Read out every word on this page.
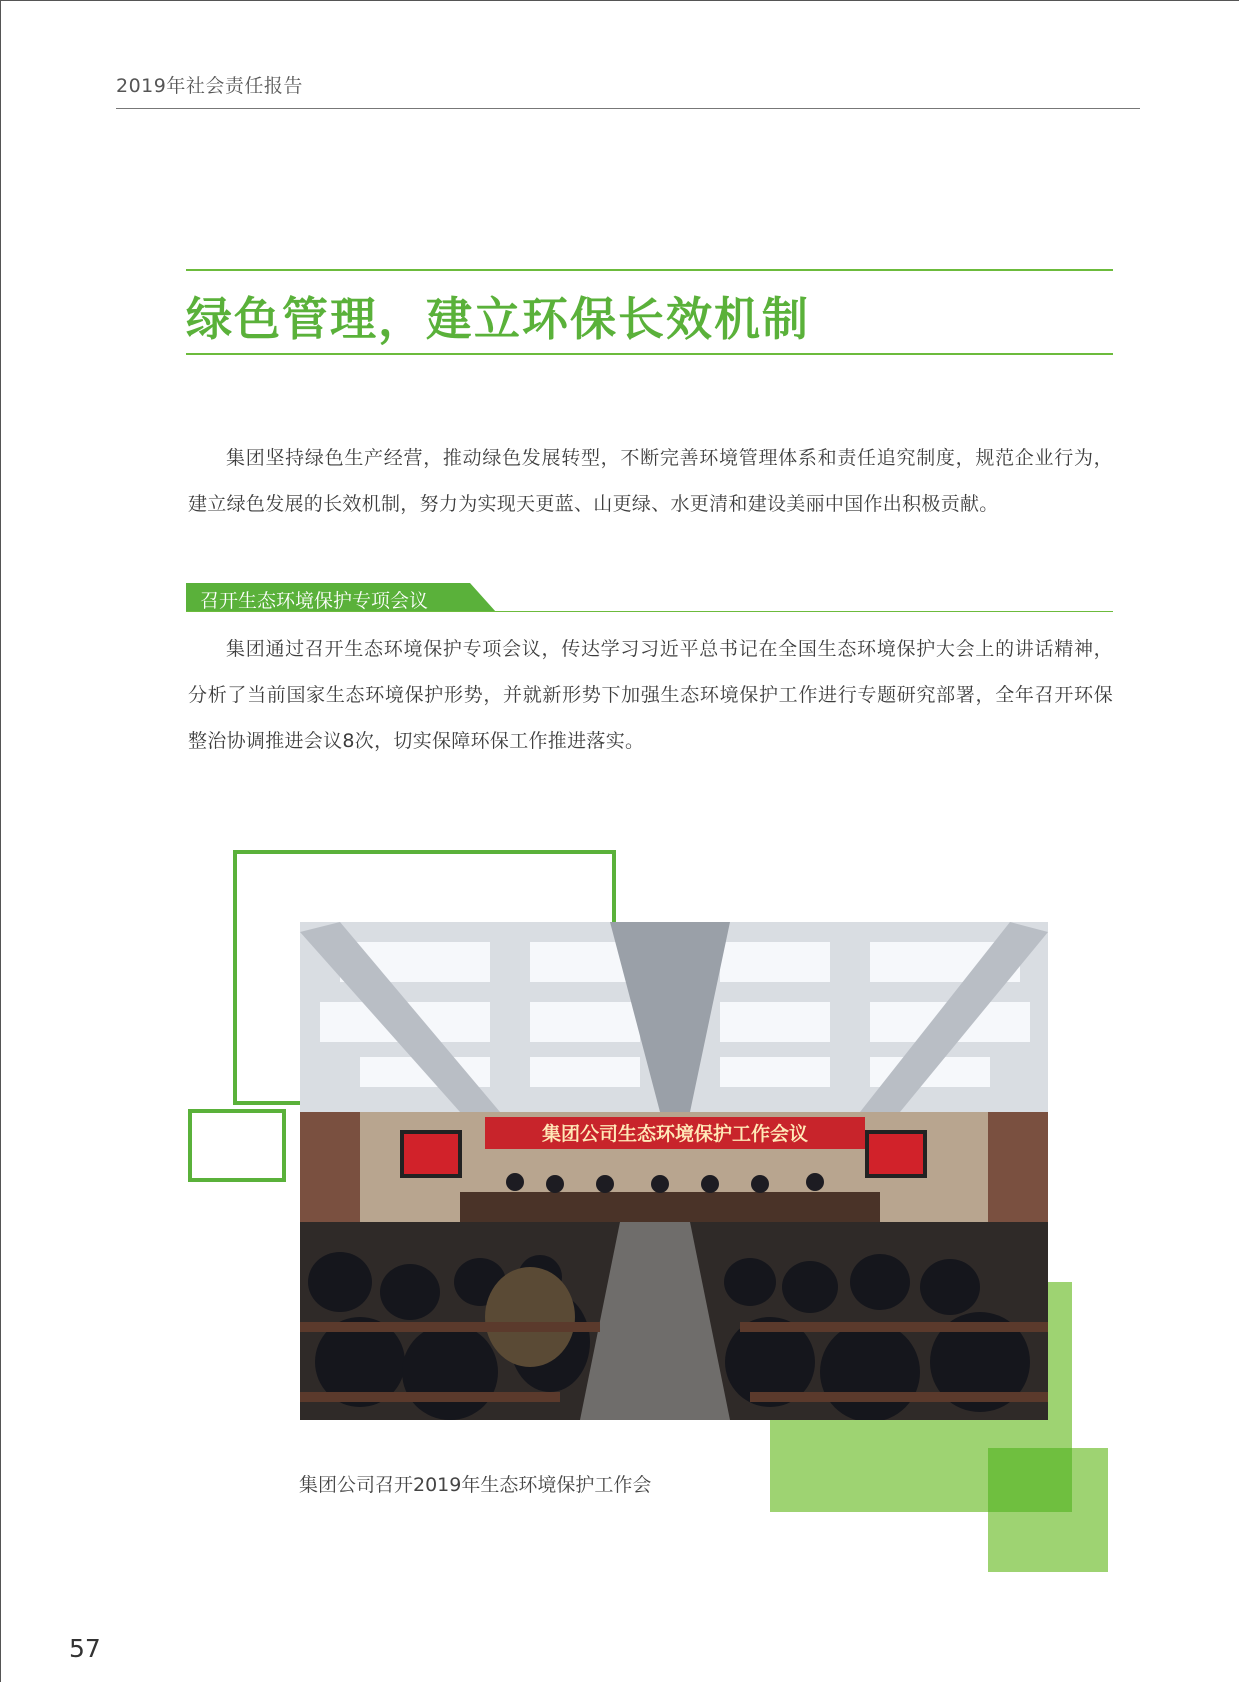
2019年社会责任报告
绿色管理，建立环保长效机制

集团坚持绿色生产经营，推动绿色发展转型，不断完善环境管理体系和责任追究制度，规范企业行为，建立绿色发展的长效机制，努力为实现天更蓝、山更绿、水更清和建设美丽中国作出积极贡献。

召开生态环境保护专项会议

集团通过召开生态环境保护专项会议，传达学习习近平总书记在全国生态环境保护大会上的讲话精神，分析了当前国家生态环境保护形势，并就新形势下加强生态环境保护工作进行专题研究部署，全年召开环保整治协调推进会议8次，切实保障环保工作推进落实。

集团公司生态环境保护工作会议
集团公司召开2019年生态环境保护工作会
57
